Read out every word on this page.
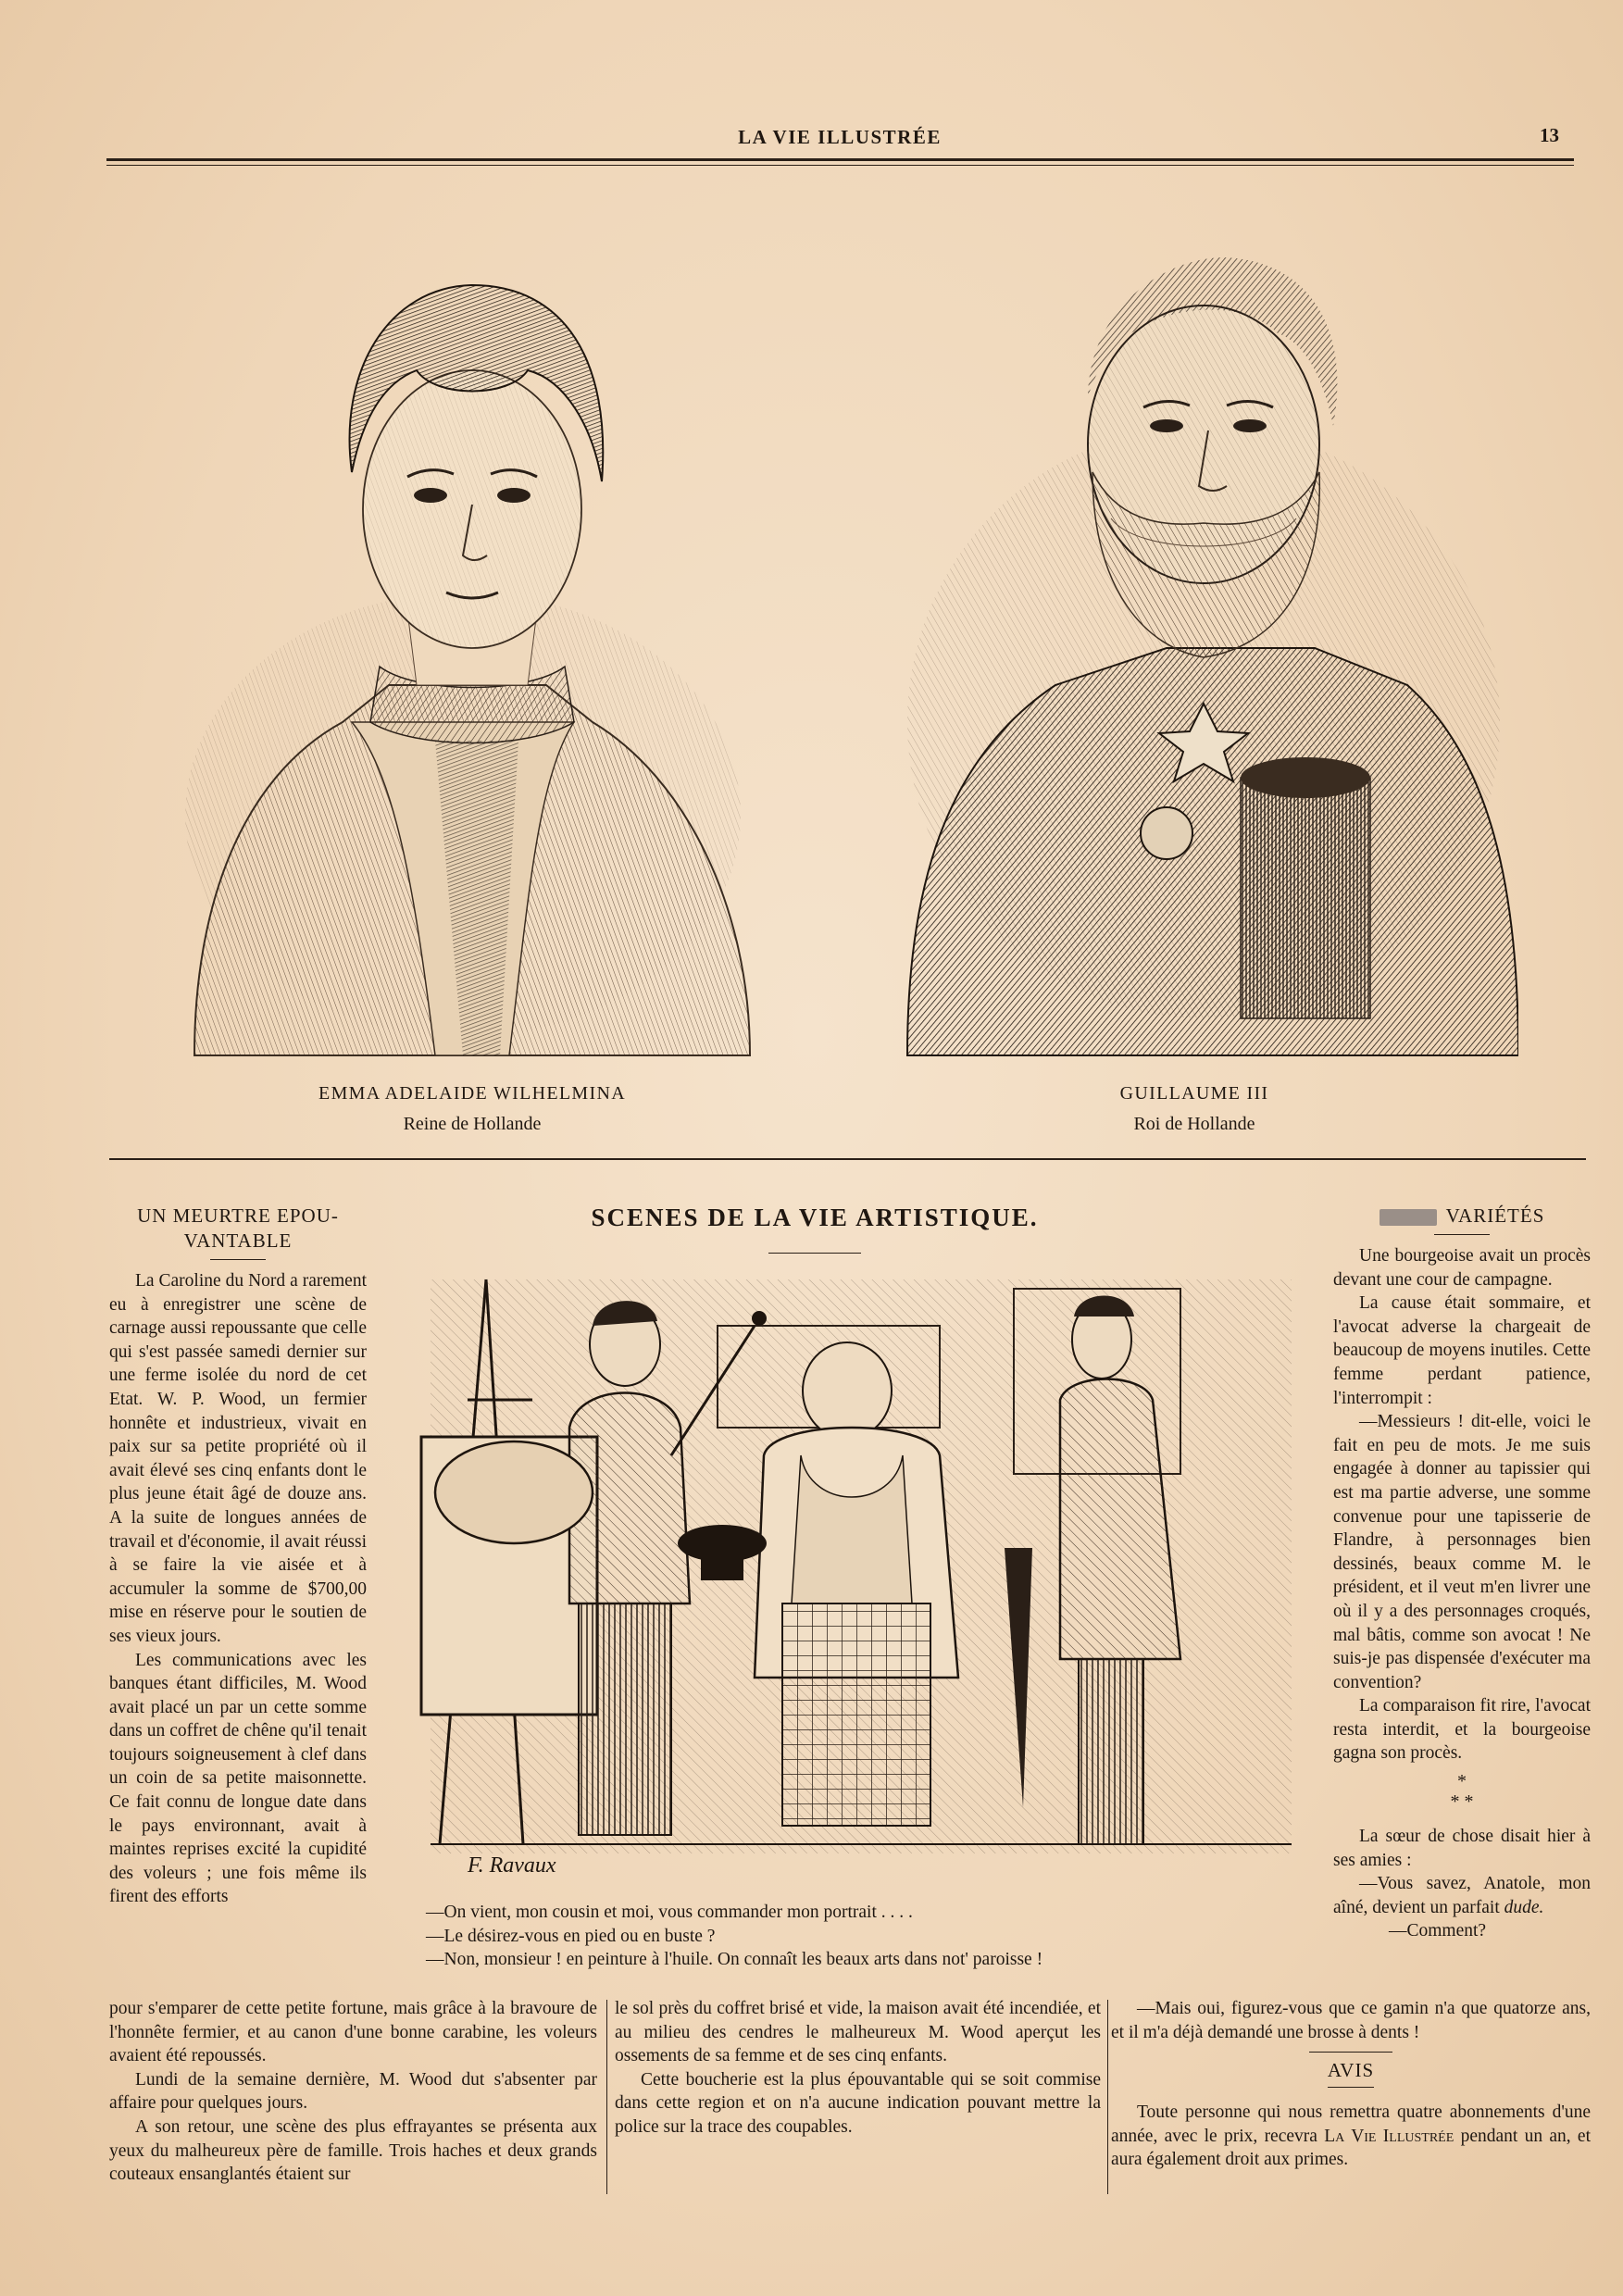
LA VIE ILLUSTRÉE	13
EMMA ADELAIDE WILHELMINA
Reine de Hollande
GUILLAUME III
Roi de Hollande
UN MEURTRE EPOU-
VANTABLE

La Caroline du Nord a rarement eu à enregistrer une scène de carnage aussi repoussante que celle qui s'est passée samedi dernier sur une ferme isolée du nord de cet Etat. W. P. Wood, un fermier honnête et industrieux, vivait en paix sur sa petite propriété où il avait élevé ses cinq enfants dont le plus jeune était âgé de douze ans. A la suite de longues années de travail et d'économie, il avait réussi à se faire la vie aisée et à accumuler la somme de $700,00 mise en réserve pour le soutien de ses vieux jours.

Les communications avec les banques étant difficiles, M. Wood avait placé un par un cette somme dans un coffret de chêne qu'il tenait toujours soigneusement à clef dans un coin de sa petite maisonnette. Ce fait connu de longue date dans le pays environnant, avait à maintes reprises excité la cupidité des voleurs ; une fois même ils firent des efforts

pour s'emparer de cette petite fortune, mais grâce à la bravoure de l'honnête fermier, et au canon d'une bonne carabine, les voleurs avaient été repoussés.

Lundi de la semaine dernière, M. Wood dut s'absenter par affaire pour quelques jours.

A son retour, une scène des plus effrayantes se présenta aux yeux du malheureux père de famille. Trois haches et deux grands couteaux ensanglantés étaient sur

le sol près du coffret brisé et vide, la maison avait été incendiée, et au milieu des cendres le malheureux M. Wood aperçut les ossements de sa femme et de ses cinq enfants.

Cette boucherie est la plus épouvantable qui se soit commise dans cette region et on n'a aucune indication pouvant mettre la police sur la trace des coupables.

SCENES DE LA VIE ARTISTIQUE.
F. Ravaux
—On vient, mon cousin et moi, vous commander mon portrait . . . .
—Le désirez-vous en pied ou en buste ?
—Non, monsieur ! en peinture à l'huile. On connaît les beaux arts dans not' paroisse !
VARIÉTÉS

Une bourgeoise avait un procès devant une cour de campagne.

La cause était sommaire, et l'avocat adverse la chargeait de beaucoup de moyens inutiles. Cette femme perdant patience, l'interrompit :

—Messieurs ! dit-elle, voici le fait en peu de mots. Je me suis engagée à donner au tapissier qui est ma partie adverse, une somme convenue pour une tapisserie de Flandre, à personnages bien dessinés, beaux comme M. le président, et il veut m'en livrer une où il y a des personnages croqués, mal bâtis, comme son avocat ! Ne suis-je pas dispensée d'exécuter ma convention?

La comparaison fit rire, l'avocat resta interdit, et la bourgeoise gagna son procès.

*
* *

La sœur de chose disait hier à ses amies :

—Vous savez, Anatole, mon aîné, devient un parfait dude.

—Comment?

—Mais oui, figurez-vous que ce gamin n'a que quatorze ans, et il m'a déjà demandé une brosse à dents !

AVIS

Toute personne qui nous remettra quatre abonnements d'une année, avec le prix, recevra La Vie Illustrée pendant un an, et aura également droit aux primes.
